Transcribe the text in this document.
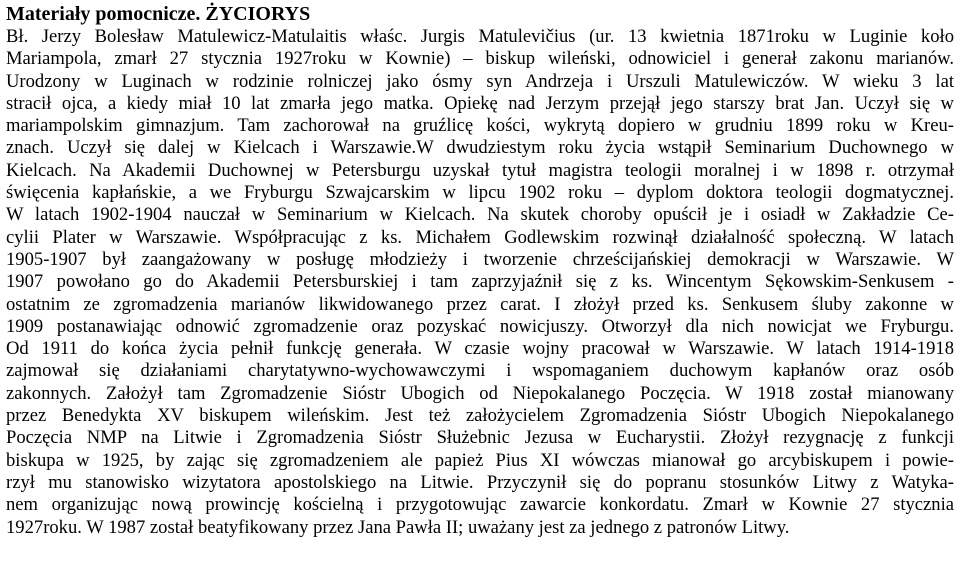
Materiały pomocnicze. ŻYCIORYS
Bł. Jerzy Bolesław Matulewicz-Matulaitis właśc. Jurgis Matulevičius (ur. 13 kwietnia 1871roku w Luginie koło
Mariampola, zmarł 27 stycznia 1927roku w Kownie) – biskup wileński, odnowiciel i generał zakonu marianów.
Urodzony w Luginach w rodzinie rolniczej jako ósmy syn Andrzeja i Urszuli Matulewiczów. W wieku 3 lat
stracił ojca, a kiedy miał 10 lat zmarła jego matka. Opiekę nad Jerzym przejął jego starszy brat Jan. Uczył się w
mariampolskim gimnazjum. Tam zachorował na gruźlicę kości, wykrytą dopiero w grudniu 1899 roku w Kreu-
znach. Uczył się dalej w Kielcach i Warszawie.W dwudziestym roku życia wstąpił Seminarium Duchownego w
Kielcach. Na Akademii Duchownej w Petersburgu uzyskał tytuł magistra teologii moralnej i w 1898 r. otrzymał
święcenia kapłańskie, a we Fryburgu Szwajcarskim w lipcu 1902 roku – dyplom doktora teologii dogmatycznej.
W latach 1902-1904 nauczał w Seminarium w Kielcach. Na skutek choroby opuścił je i osiadł w Zakładzie Ce-
cylii Plater w Warszawie. Współpracując z ks. Michałem Godlewskim rozwinął działalność społeczną. W latach
1905-1907 był zaangażowany w posługę młodzieży i tworzenie chrześcijańskiej demokracji w Warszawie. W
1907 powołano go do Akademii Petersburskiej i tam zaprzyjaźnił się z ks. Wincentym Sękowskim-Senkusem -
ostatnim ze zgromadzenia marianów likwidowanego przez carat. I złożył przed ks. Senkusem śluby zakonne w
1909 postanawiając odnowić zgromadzenie oraz pozyskać nowicjuszy. Otworzył dla nich nowicjat we Fryburgu.
Od 1911 do końca życia pełnił funkcję generała. W czasie wojny pracował w Warszawie. W latach 1914-1918
zajmował się działaniami charytatywno-wychowawczymi i wspomaganiem duchowym kapłanów oraz osób
zakonnych. Założył tam Zgromadzenie Sióstr Ubogich od Niepokalanego Poczęcia. W 1918 został mianowany
przez Benedykta XV biskupem wileńskim. Jest też założycielem Zgromadzenia Sióstr Ubogich Niepokalanego
Poczęcia NMP na Litwie i Zgromadzenia Sióstr Służebnic Jezusa w Eucharystii. Złożył rezygnację z funkcji
biskupa w 1925, by zając się zgromadzeniem ale papież Pius XI wówczas mianował go arcybiskupem i powie-
rzył mu stanowisko wizytatora apostolskiego na Litwie. Przyczynił się do popranu stosunków Litwy z Watyka-
nem organizując nową prowincję kościelną i przygotowując zawarcie konkordatu. Zmarł w Kownie 27 stycznia
1927roku. W 1987 został beatyfikowany przez Jana Pawła II; uważany jest za jednego z patronów Litwy.
